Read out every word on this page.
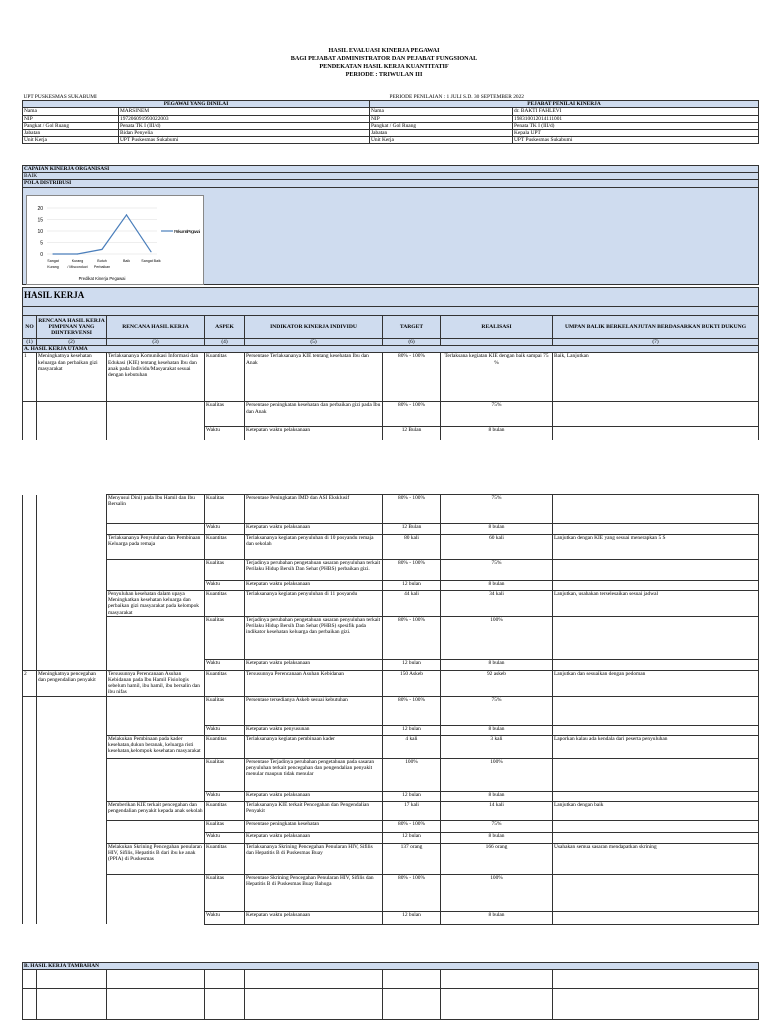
HASIL EVALUASI KINERJA PEGAWAI
BAGI PEJABAT ADMINISTRATOR DAN PEJABAT FUNGSIONAL
PENDEKATAN HASIL KERJA KUANTITATIF
PERIODE : TRIWULAN III
UPT PUSKESMAS SUKABUMI			PERIODE PENILAIAN : 1 JULI S.D. 30 SEPTEMBER 2022	
PEGAWAI YANG DINILAI		PEJABAT PENILAI KINERJA		
Nama	MARSINEM	Nama		dr. BAKTI FAHLEVI
NIP	197206091993022003	NIP		198310012014111001
Pangkat / Gol Ruang	Penata TK I (III/d)	Pangkat / Gol Ruang		Penata TK I (III/d)
Jabatan	Bidan Penyelia	Jabatan		Kepala UPT
Unit Kerja	UPT Puskesmas Sukabumi	Unit Kerja		UPT Puskesmas Sukabumi
CAPAIAN KINERJA ORGANISASI
BAIK
POLA DISTRIBUSI

0
5
10
15
20
Sangat
Kurang
Kurang
/ Misconduct
Butuh
Perbaikan
Baik	Sangat Baik
Predikat Kinerja Pegawai
Frekuensi Pegawai
HASIL KERJA							

NO	RENCANA HASIL KERJA PIMPINAN YANG DIINTERVENSI	RENCANA HASIL KERJA	ASPEK	INDIKATOR KINERJA INDIVIDU	TARGET	REALISASI	UMPAN BALIK BERKELANJUTAN BERDASARKAN BUKTI DUKUNG
(1)	(2)	(3)	(4)	(5)	(6)		(7)
A. HASIL KERJA UTAMA							
1	Meningkatnya kesehatan keluarga dan perbaikan gizi masyarakat	Terlaksananya Komunikasi Informasi dan Edukasi (KIE) tentang kesehatan Ibu dan anak pada Individu/Masyarakat sesuai dengan kebutuhan	Kuantitas	Persentase Terlaksananya KIE tentang kesehatan Ibu dan Anak	80% - 100%	Terlaksana kegiatan KIE dengan baik sampai 75 %	Baik, Lanjutkan
			Kualitas	Persentase peningkatan kesehatan dan perbaikan gizi pada Ibu dan Anak	80% - 100%	75%	
			Waktu	Ketepatan waktu pelaksanaan	12 Bulan	8 bulan	

		Menyusui Dini) pada Ibu Hamil dan Ibu Bersalin	Kualitas	Persentase Peningkatan IMD dan ASI Eksklusif	80% - 100%	75%	
			Waktu	Ketepatan waktu pelaksanaan	12 Bulan	8 bulan	
		Terlaksananya Penyuluhan dan Pembinaan Keluarga pada remaja	Kuantitas	Terlaksananya kegiatan penyuluhan di 10 posyandu remaja dan sekolah	80 kali	60 kali	Lanjutkan dengan KIE yang sesuai menerapkan 5 S
			Kualitas	Terjadinya perubahan pengetahuan sasaran penyuluhan terkait Perilaku Hidup Bersih Dan Sehat (PHBS) perbaikan gizi.	80% - 100%	75%	
			Waktu	Ketepatan waktu pelaksanaan	12 bulan	8 bulan	
		Penyuluhan kesehatan dalam upaya Meningkatkan kesehatan keluarga dan perbaikan gizi masyarakat pada kelompok masyarakat	Kuantitas	Terlaksananya kegiatan penyuluhan di 11 posyandu	44 kali	34 kali	Lanjutkan, usahakan terselesaikan sesuai jadwal
			Kualitas	Terjadinya perubahan pengetahuan sasaran penyuluhan terkait Perilaku Hidup Bersih Dan Sehat (PHBS) spesifik pada indikator kesehatan keluarga dan perbaikan gizi.	80% - 100%	100%	
			Waktu	Ketepatan waktu pelaksanaan	12 bulan	8 bulan	
2	Meningkatnya pencegahan dan pengendalian penyakit	Tersusunnya Perencanaan Asuhan Kebidanan pada Ibu Hamil Fisiologis sebelum hamil, ibu hamil, ibu bersalin dan ibu nifas	Kuantitas	Tersusunnya Perencanaan Asuhan Kebidanan	150 Askeb	92 askeb	Lanjutkan dan sesuaikan dengan pedoman
			Kualitas	Persentase tersedianya Askeb sesuai kebutuhan	80% - 100%	75%	
			Waktu	Ketepatan waktu penyusunan	12 bulan	8 bulan	
		Melakukan Pembinaan pada kader kesehatan,dukun beranak, keluarga risti kesehatan,kelompok kesehatan masyarakat	Kuantitas	Terlaksananya kegiatan pembinaan kader	4 kali	3 kali	Laporkan kalau ada kendala dari peserta penyuluhan
			Kualitas	Persentase Terjadinya perubahan pengetahuan pada sasaran penyuluhan terkait pencegahan dan pengendalian penyakit menular maupun tidak menular	100%	100%	
			Waktu	Ketepatan waktu pelaksanaan	12 bulan	8 bulan	
		Memberikan KIE terkait pencegahan dan pengendalian penyakit kepada anak sekolah	Kuantitas	Terlaksananya KIE terkait Pencegahan dan Pengendalian Penyakit	17 kali	14 kali	Lanjutkan dengan baik
			Kualitas	Persentase peningkatan kesehatan	80% - 100%	75%	
			Waktu	Ketepatan waktu pelaksanaan	12 bulan	8 bulan	
		Melakukan Skrining Pencegahan penularan HIV, Sifilis, Hepatitis B dari ibu ke anak (PPIA) di Puskesmas	Kuantitas	Terlaksananya Skrining Pencegahan Penularan HIV, Sifilis dan Hepatitis B di Puskesmas Buay	137 orang	166 orang	Usahakan semua sasaran mendapatkan skrining
			Kualitas	Persentase Skrining Pencegahan Penularan HIV, Sifilis dan Hepatitis B di Puskesmas Buay Bahuga	80% - 100%	100%	
			Waktu	Ketepatan waktu pelaksanaan	12 bulan	8 bulan	
B. HASIL KERJA TAMBAHAN							
